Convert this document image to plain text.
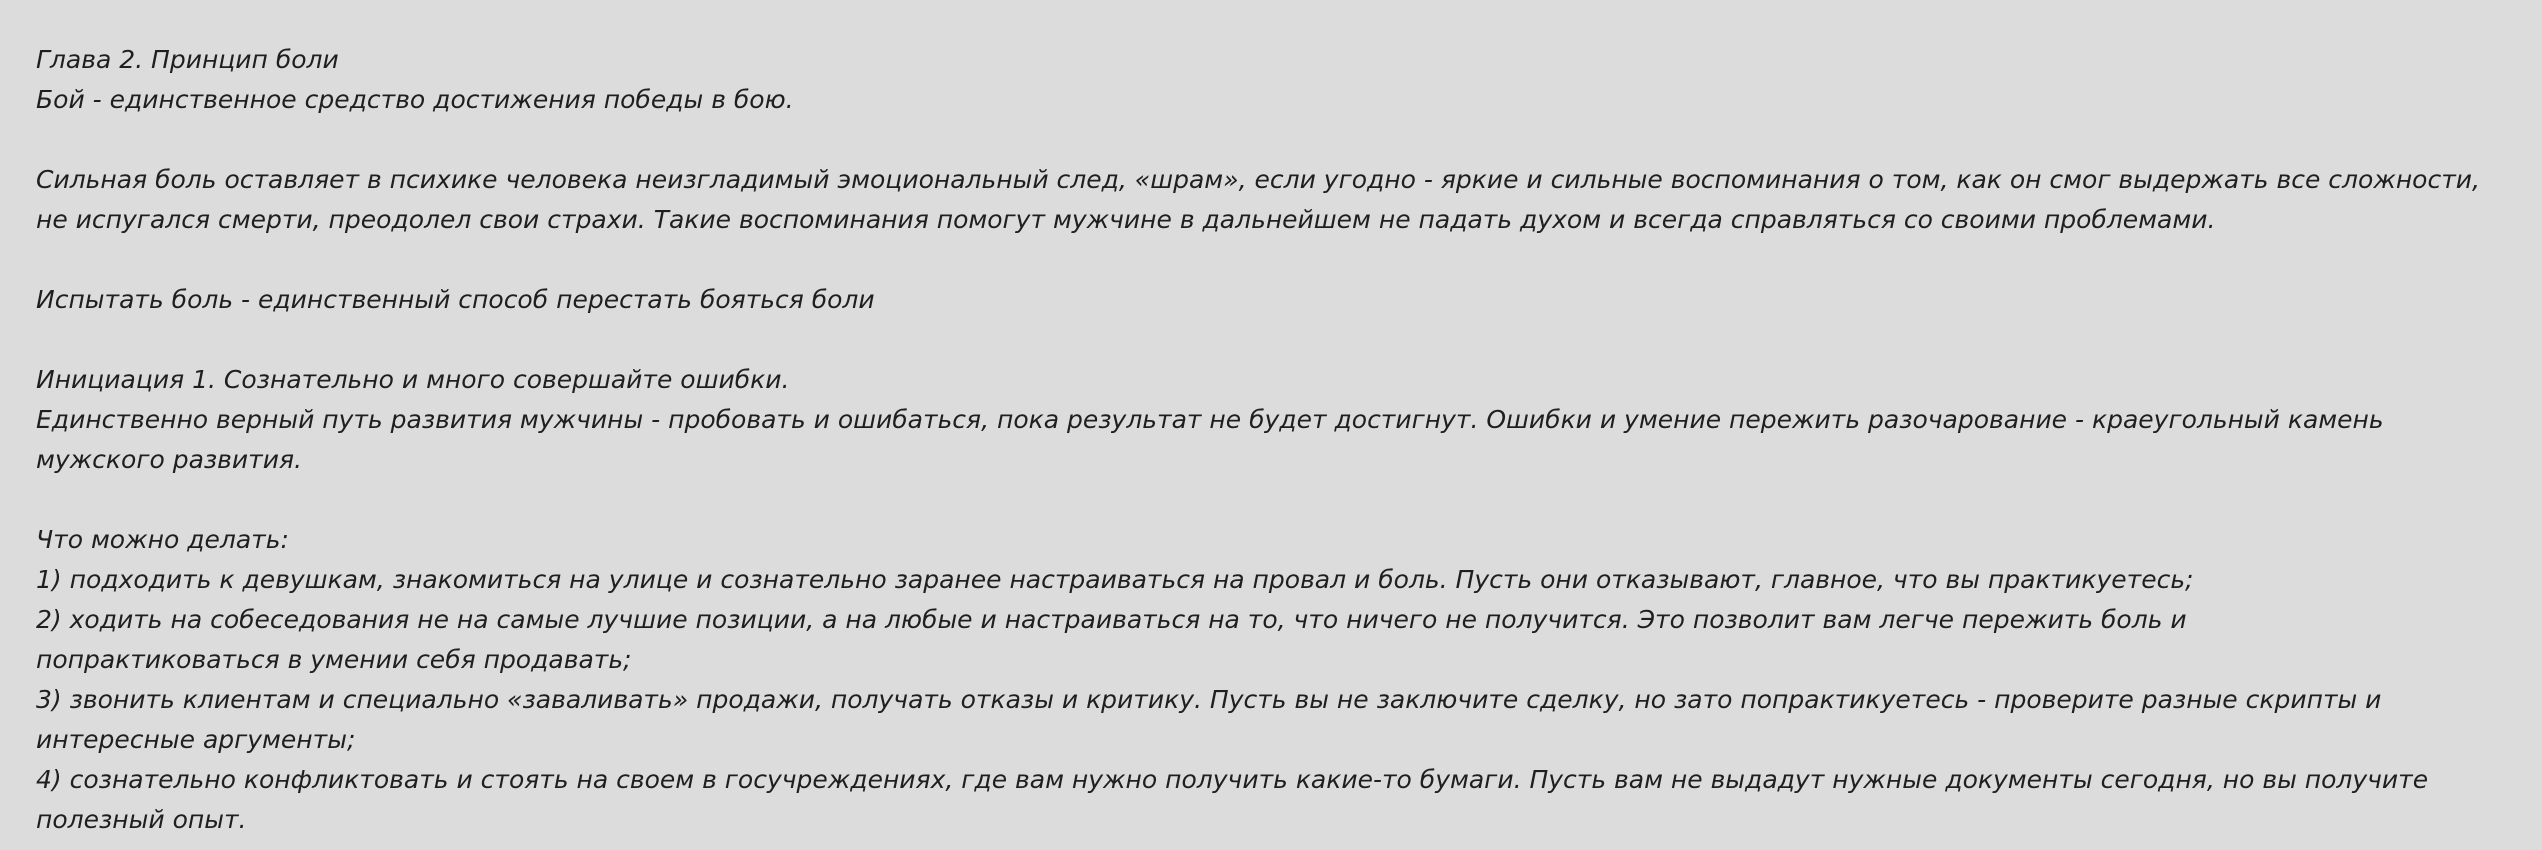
Глава 2. Принцип боли
Бой - единственное средство достижения победы в бою.
Сильная боль оставляет в психике человека неизгладимый эмоциональный след, «шрам», если угодно - яркие и сильные воспоминания о том, как он смог выдержать все сложности,
не испугался смерти, преодолел свои страхи. Такие воспоминания помогут мужчине в дальнейшем не падать духом и всегда справляться со своими проблемами.
Испытать боль - единственный способ перестать бояться боли
Инициация 1. Сознательно и много совершайте ошибки.
Единственно верный путь развития мужчины - пробовать и ошибаться, пока результат не будет достигнут. Ошибки и умение пережить разочарование - краеугольный камень
мужского развития.
Что можно делать:
1) подходить к девушкам, знакомиться на улице и сознательно заранее настраиваться на провал и боль. Пусть они отказывают, главное, что вы практикуетесь;
2) ходить на собеседования не на самые лучшие позиции, а на любые и настраиваться на то, что ничего не получится. Это позволит вам легче пережить боль и
попрактиковаться в умении себя продавать;
3) звонить клиентам и специально «заваливать» продажи, получать отказы и критику. Пусть вы не заключите сделку, но зато попрактикуетесь - проверите разные скрипты и
интересные аргументы;
4) сознательно конфликтовать и стоять на своем в госучреждениях, где вам нужно получить какие-то бумаги. Пусть вам не выдадут нужные документы сегодня, но вы получите
полезный опыт.
